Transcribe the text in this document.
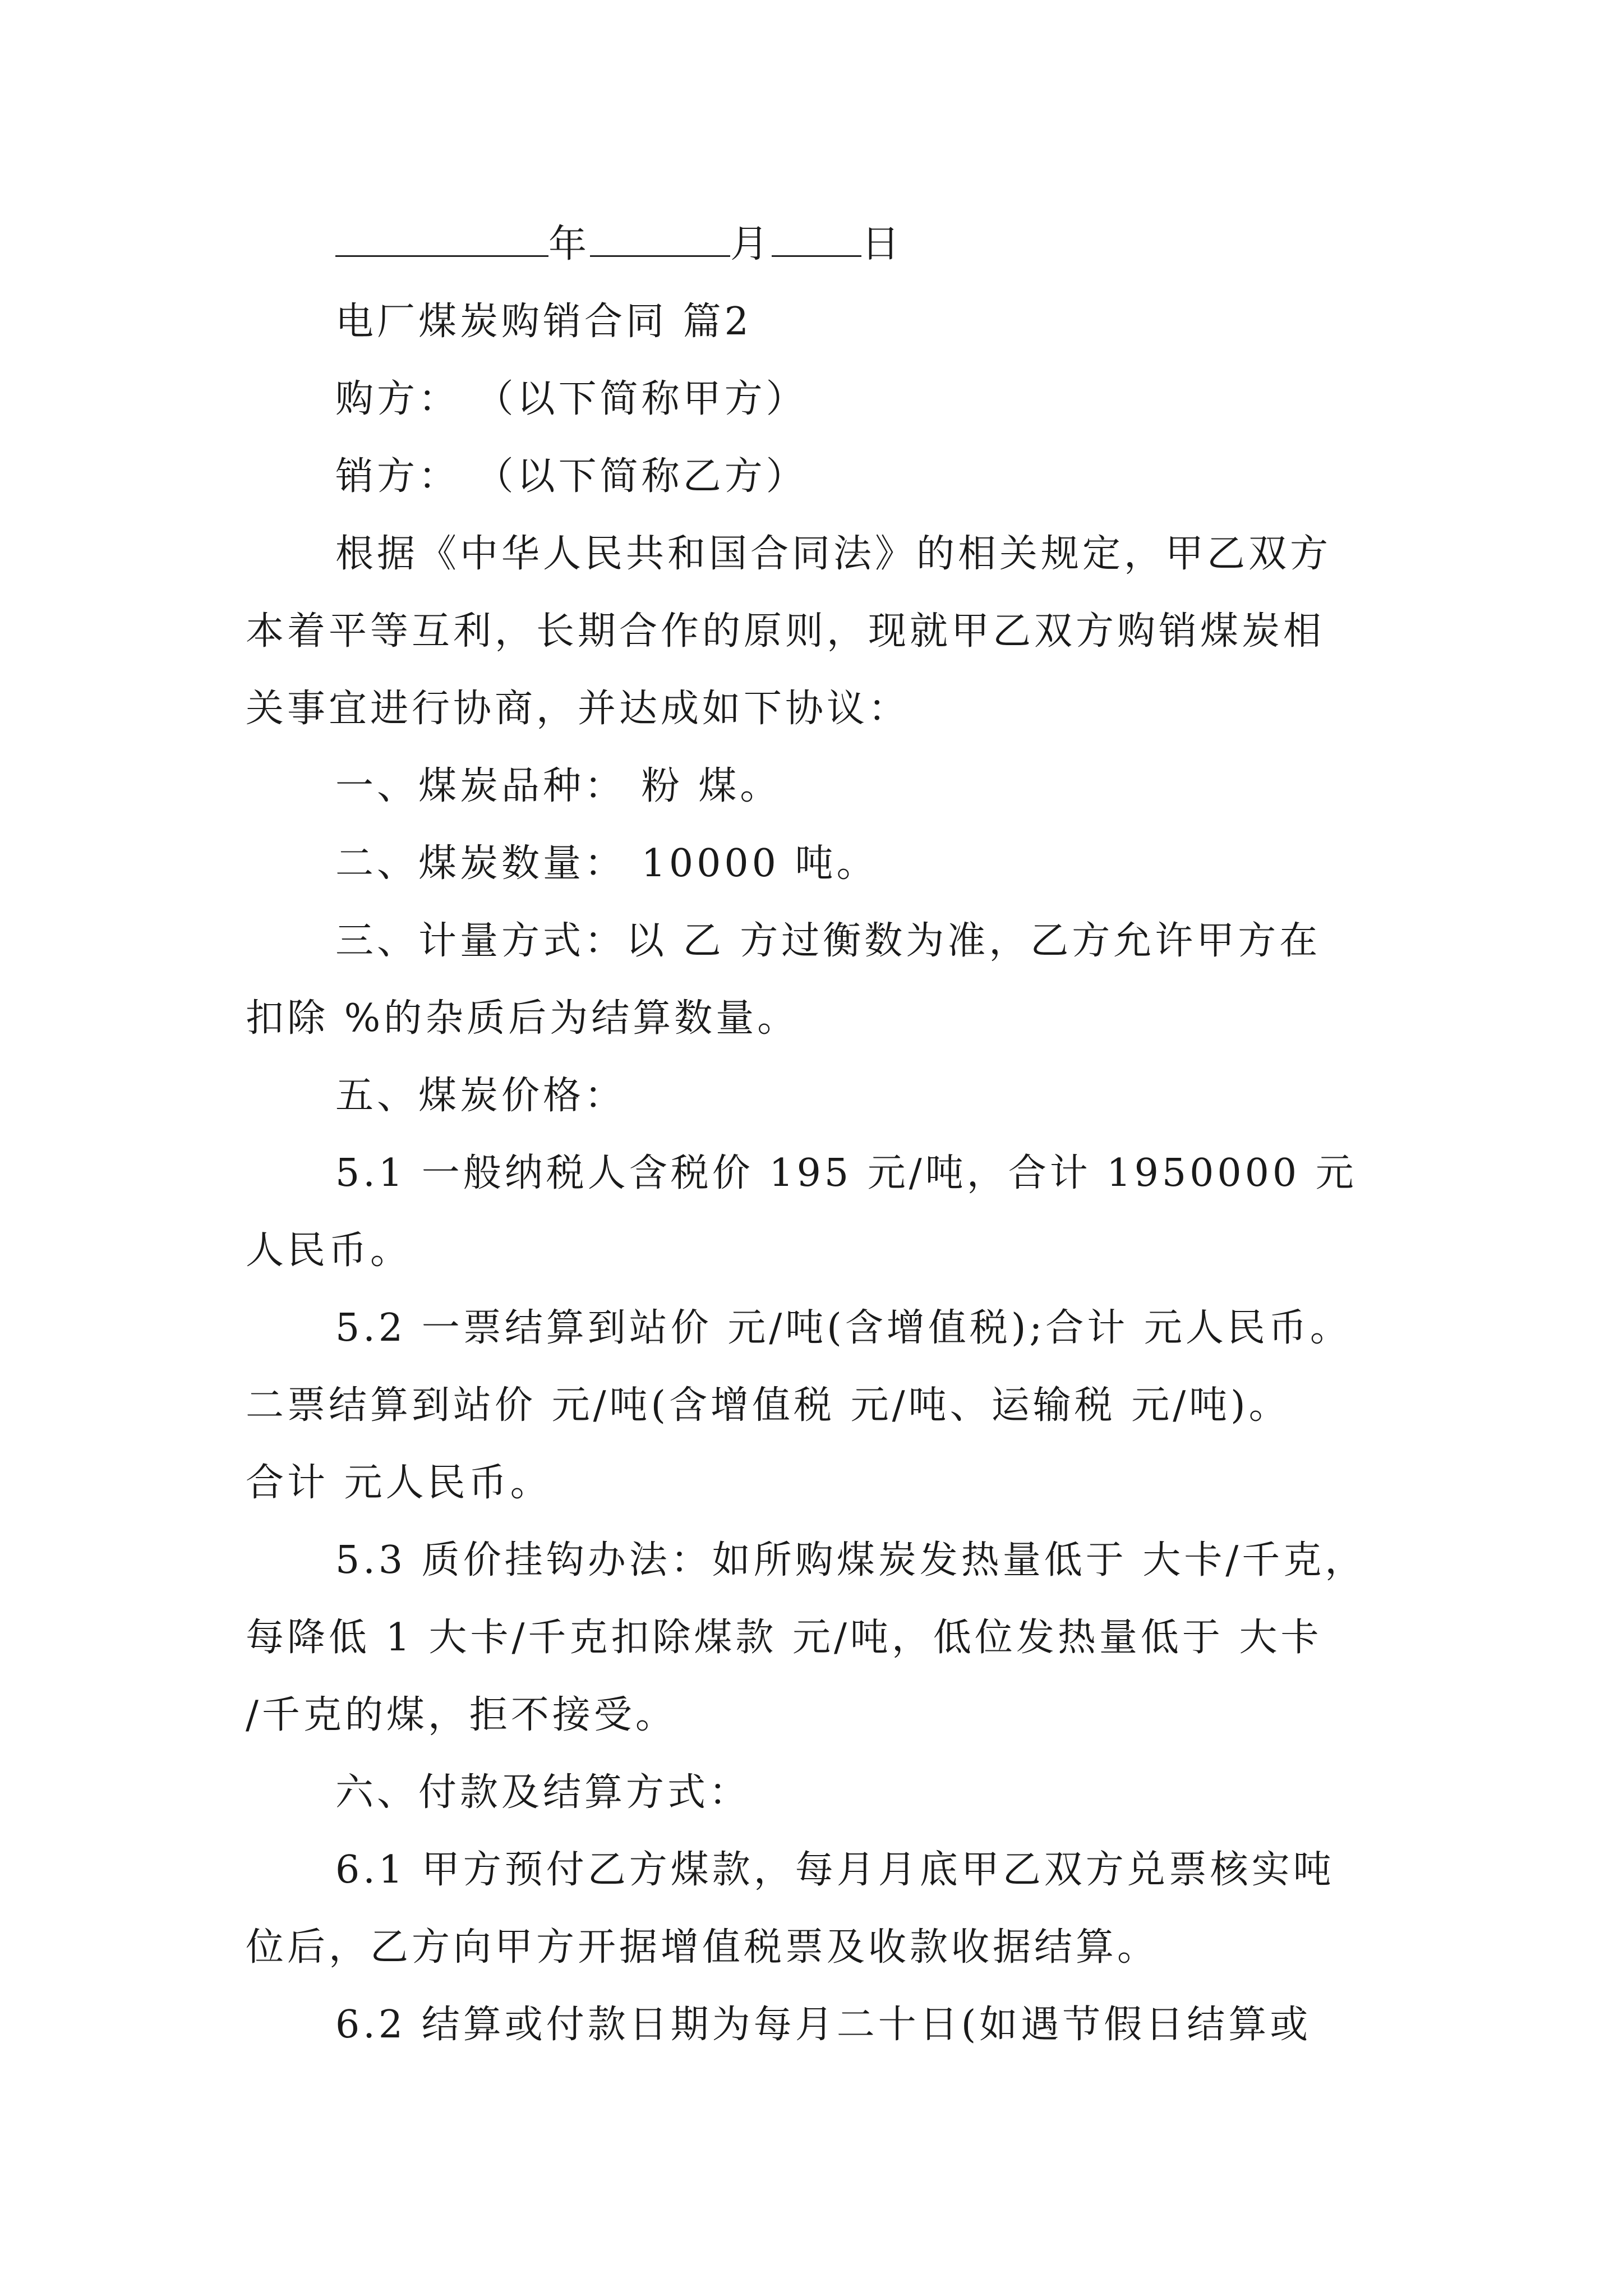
年	月 日
电厂煤炭购销合同 篇2
购方： （以下简称甲方）
销方： （以下简称乙方）
根据《中华人民共和国合同法》的相关规定，甲乙双方
本着平等互利，长期合作的原则，现就甲乙双方购销煤炭相
关事宜进行协商，并达成如下协议：
一、煤炭品种： 粉 煤。
二、煤炭数量： 10000 吨。
三、计量方式：以 乙 方过衡数为准，乙方允许甲方在
扣除 %的杂质后为结算数量。
五、煤炭价格：
5.1 一般纳税人含税价 195 元/吨，合计 1950000 元
人民币。
5.2 一票结算到站价 元/吨(含增值税);合计 元人民币。
二票结算到站价 元/吨(含增值税 元/吨、运输税 元/吨)。
合计 元人民币。
5.3 质价挂钩办法：如所购煤炭发热量低于 大卡/千克，
每降低 1 大卡/千克扣除煤款 元/吨，低位发热量低于 大卡
/千克的煤，拒不接受。
六、付款及结算方式：
6.1 甲方预付乙方煤款，每月月底甲乙双方兑票核实吨
位后，乙方向甲方开据增值税票及收款收据结算。
6.2 结算或付款日期为每月二十日(如遇节假日结算或
